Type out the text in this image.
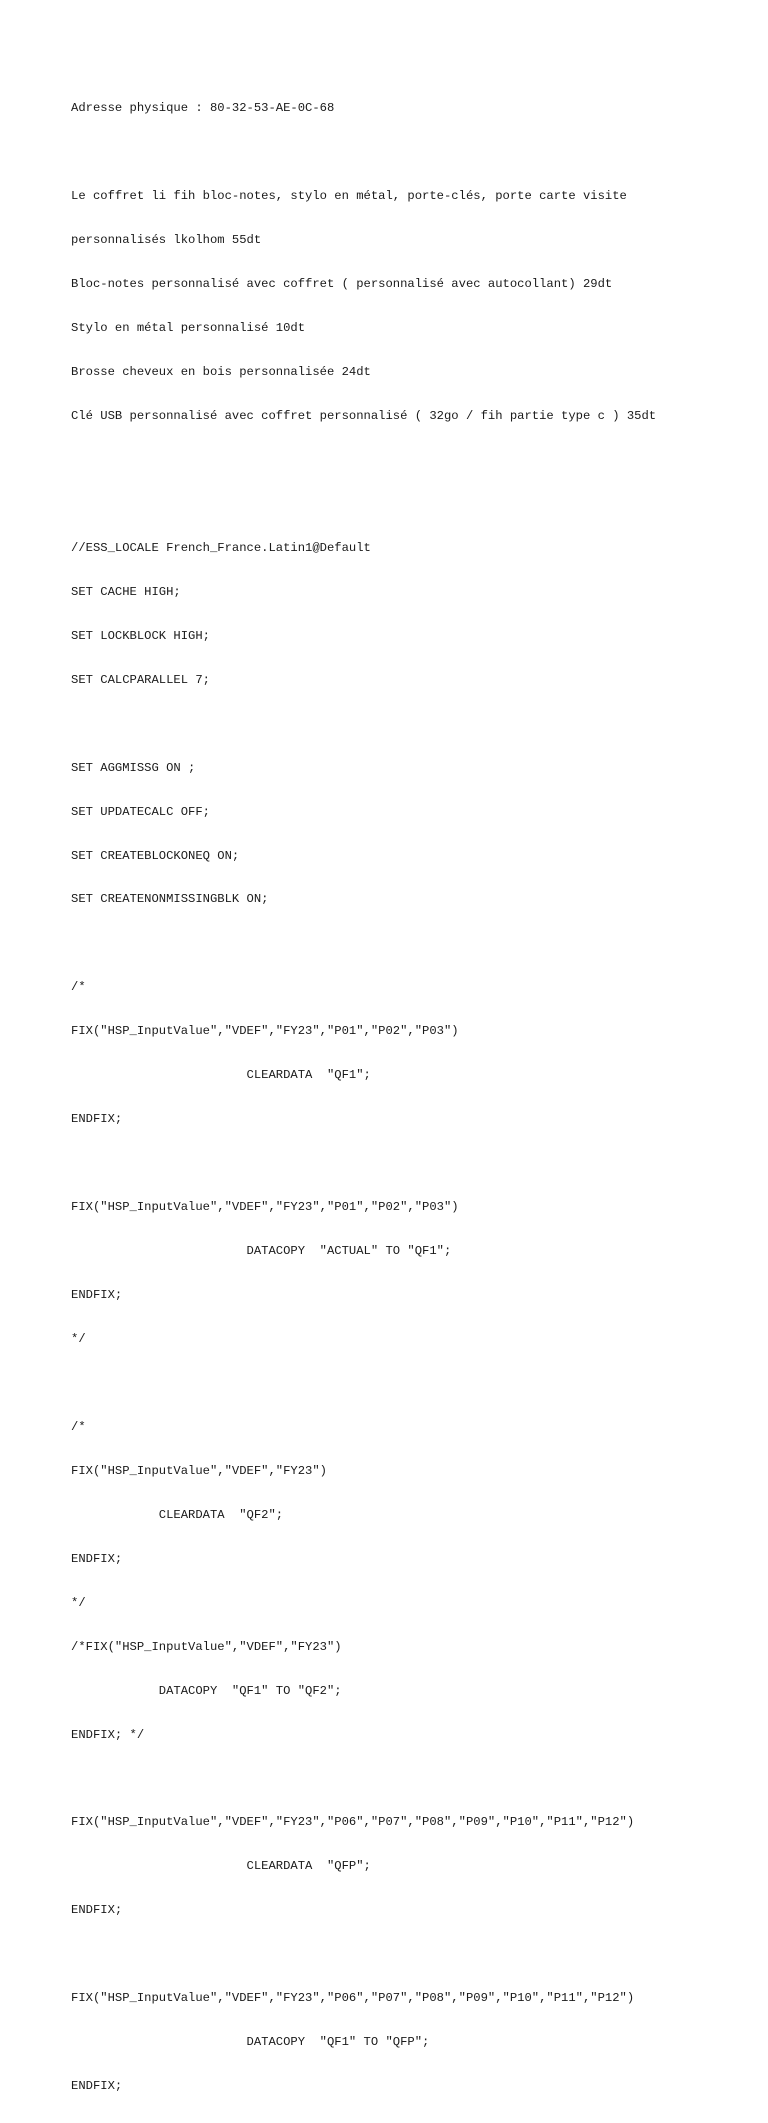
Adresse physique : 80-32-53-AE-0C-68

Le coffret li fih bloc-notes, stylo en métal, porte-clés, porte carte visite

personnalisés lkolhom 55dt

Bloc-notes personnalisé avec coffret ( personnalisé avec autocollant) 29dt

Stylo en métal personnalisé 10dt

Brosse cheveux en bois personnalisée 24dt

Clé USB personnalisé avec coffret personnalisé ( 32go / fih partie type c ) 35dt

//ESS_LOCALE French_France.Latin1@Default

SET CACHE HIGH;

SET LOCKBLOCK HIGH;

SET CALCPARALLEL 7;

SET AGGMISSG ON ;

SET UPDATECALC OFF;

SET CREATEBLOCKONEQ ON;

SET CREATENONMISSINGBLK ON;

/*

FIX("HSP_InputValue","VDEF","FY23","P01","P02","P03")

CLEARDATA  "QF1";

ENDFIX;

FIX("HSP_InputValue","VDEF","FY23","P01","P02","P03")

DATACOPY  "ACTUAL" TO "QF1";

ENDFIX;

*/

/*

FIX("HSP_InputValue","VDEF","FY23")

CLEARDATA  "QF2";

ENDFIX;

*/

/*FIX("HSP_InputValue","VDEF","FY23")

DATACOPY  "QF1" TO "QF2";

ENDFIX; */

FIX("HSP_InputValue","VDEF","FY23","P06","P07","P08","P09","P10","P11","P12")

CLEARDATA  "QFP";

ENDFIX;

FIX("HSP_InputValue","VDEF","FY23","P06","P07","P08","P09","P10","P11","P12")

DATACOPY  "QF1" TO "QFP";

ENDFIX;
